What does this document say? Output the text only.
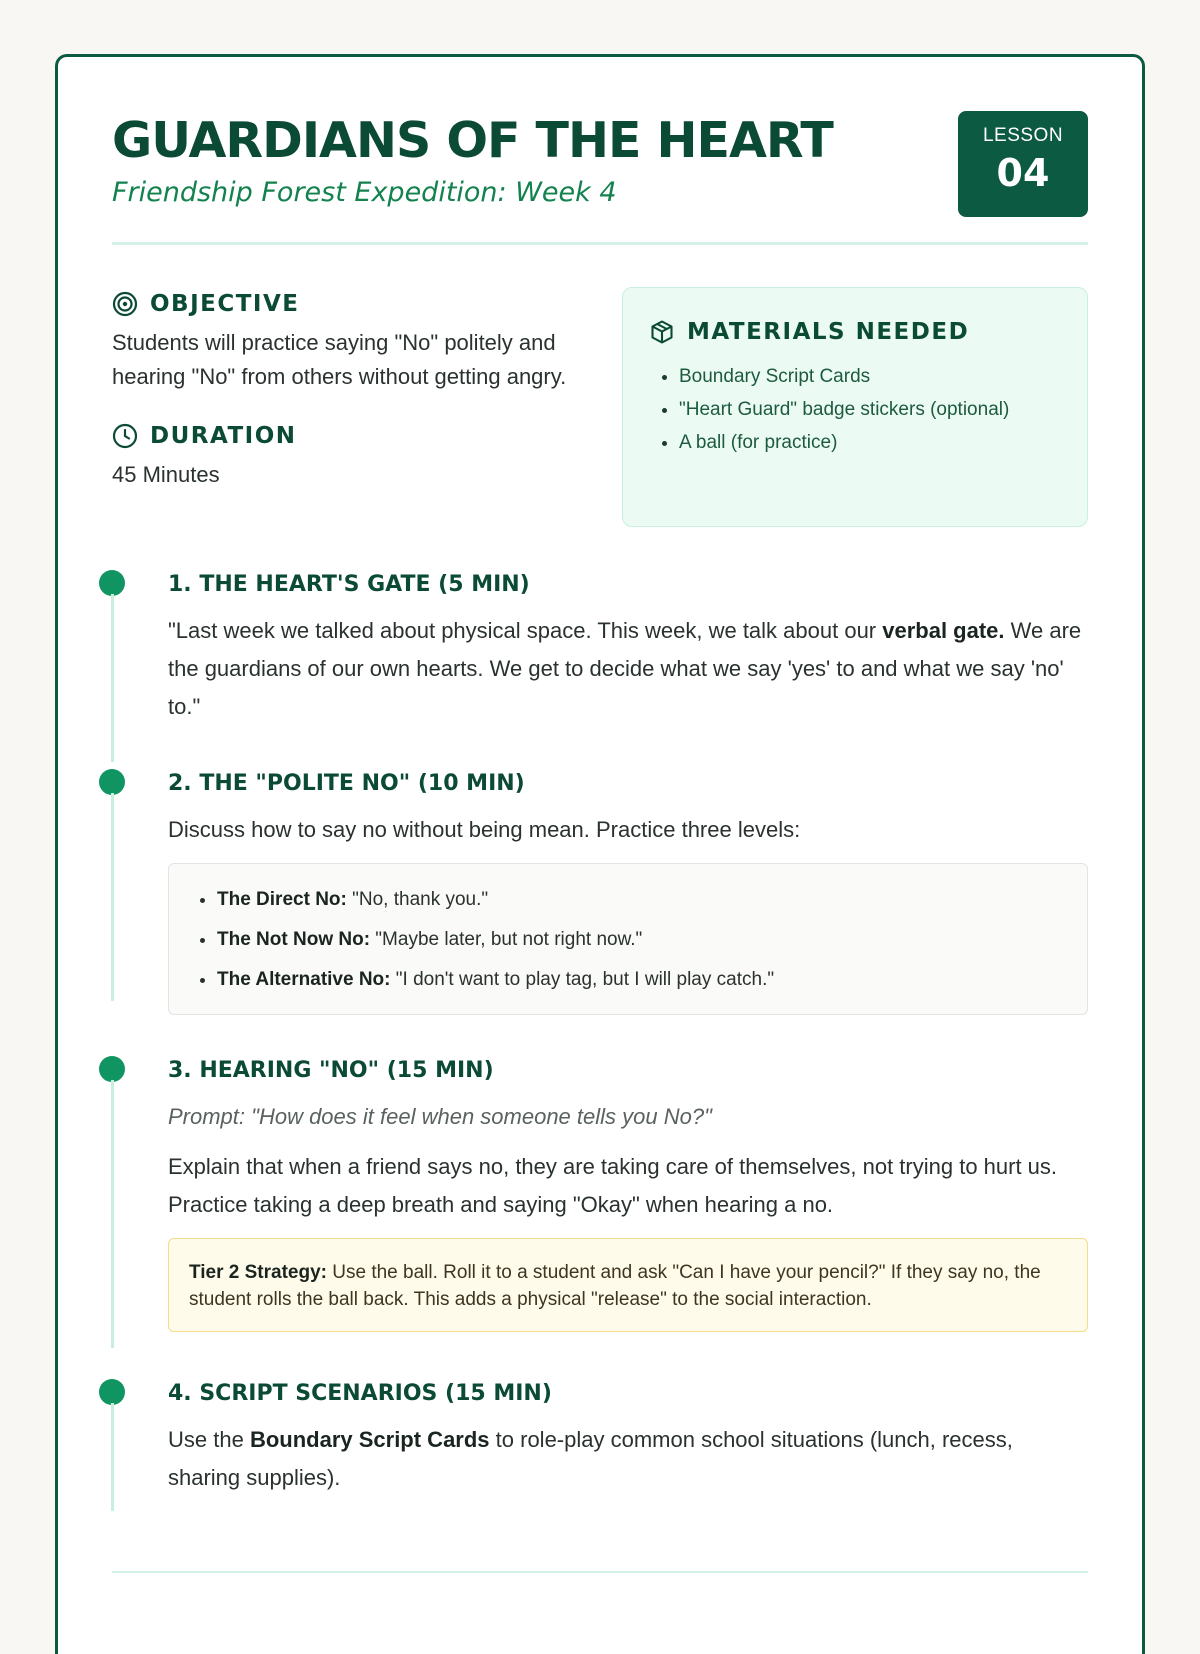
GUARDIANS OF THE HEART
Friendship Forest Expedition: Week 4
LESSON
04
OBJECTIVE

Students will practice saying "No" politely and hearing "No" from others without getting angry.

DURATION

45 Minutes

MATERIALS NEEDED
• Boundary Script Cards
• "Heart Guard" badge stickers (optional)
• A ball (for practice)
1. THE HEART'S GATE (5 MIN)

"Last week we talked about physical space. This week, we talk about our verbal gate. We are the guardians of our own hearts. We get to decide what we say 'yes' to and what we say 'no' to."

2. THE "POLITE NO" (10 MIN)

Discuss how to say no without being mean. Practice three levels:

• The Direct No: "No, thank you."
• The Not Now No: "Maybe later, but not right now."
• The Alternative No: "I don't want to play tag, but I will play catch."
3. HEARING "NO" (15 MIN)

Prompt: "How does it feel when someone tells you No?"

Explain that when a friend says no, they are taking care of themselves, not trying to hurt us. Practice taking a deep breath and saying "Okay" when hearing a no.

Tier 2 Strategy: Use the ball. Roll it to a student and ask "Can I have your pencil?" If they say no, the student rolls the ball back. This adds a physical "release" to the social interaction.
4. SCRIPT SCENARIOS (15 MIN)

Use the Boundary Script Cards to role-play common school situations (lunch, recess, sharing supplies).
